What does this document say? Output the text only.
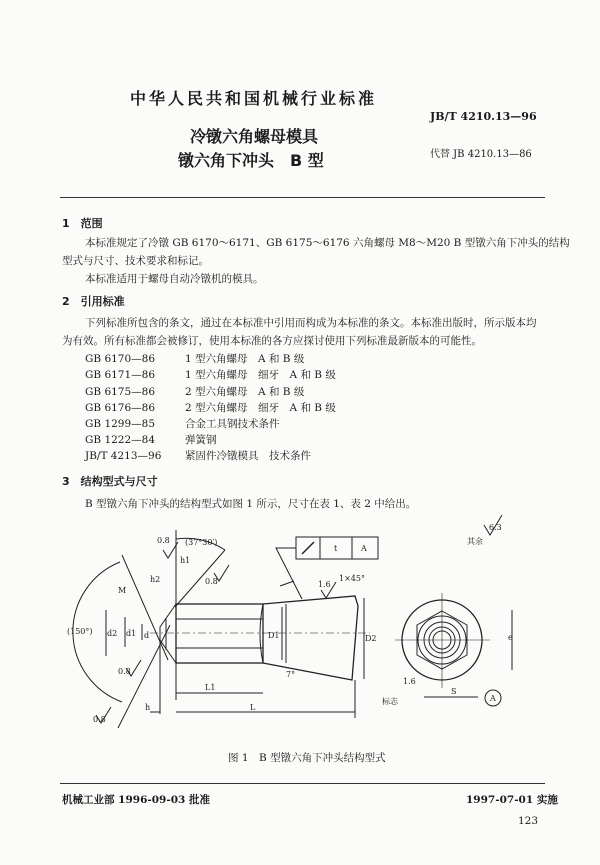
中华人民共和国机械行业标准
JB/T 4210.13—96
冷镦六角螺母模具
代替 JB 4210.13—86
镦六角下冲头　B 型
1　范围
本标准规定了冷镦 GB 6170～6171、GB 6175～6176 六角螺母 M8～M20 B 型镦六角下冲头的结构
型式与尺寸、技术要求和标记。
本标准适用于螺母自动冷镦机的模具。
2　引用标准
下列标准所包含的条文，通过在本标准中引用而构成为本标准的条文。本标准出版时，所示版本均
为有效。所有标准都会被修订，使用本标准的各方应探讨使用下列标准最新版本的可能性。
GB 6170—86	1 型六角螺母　A 和 B 级
GB 6171—86	1 型六角螺母　细牙　A 和 B 级
GB 6175—86	2 型六角螺母　A 和 B 级
GB 6176—86	2 型六角螺母　细牙　A 和 B 级
GB 1299—85	合金工具钢技术条件
GB 1222—84	弹簧钢
JB/T 4213—96 紧固件冷镦模具　技术条件
3　结构型式与尺寸
B 型镦六角下冲头的结构型式如图 1 所示，尺寸在表 1、表 2 中给出。
(37°30′)
(150°)
0.8
0.8
0.8
0.8
1.6
1.6
6.3
其余
1×45°
h1
h2
h
M
d
d1
d2	D1	D2
L
L1
7°
t	A
e
S
A
标志
图 1　B 型镦六角下冲头结构型式
机械工业部 1996-09-03 批准	1997-07-01 实施
123
